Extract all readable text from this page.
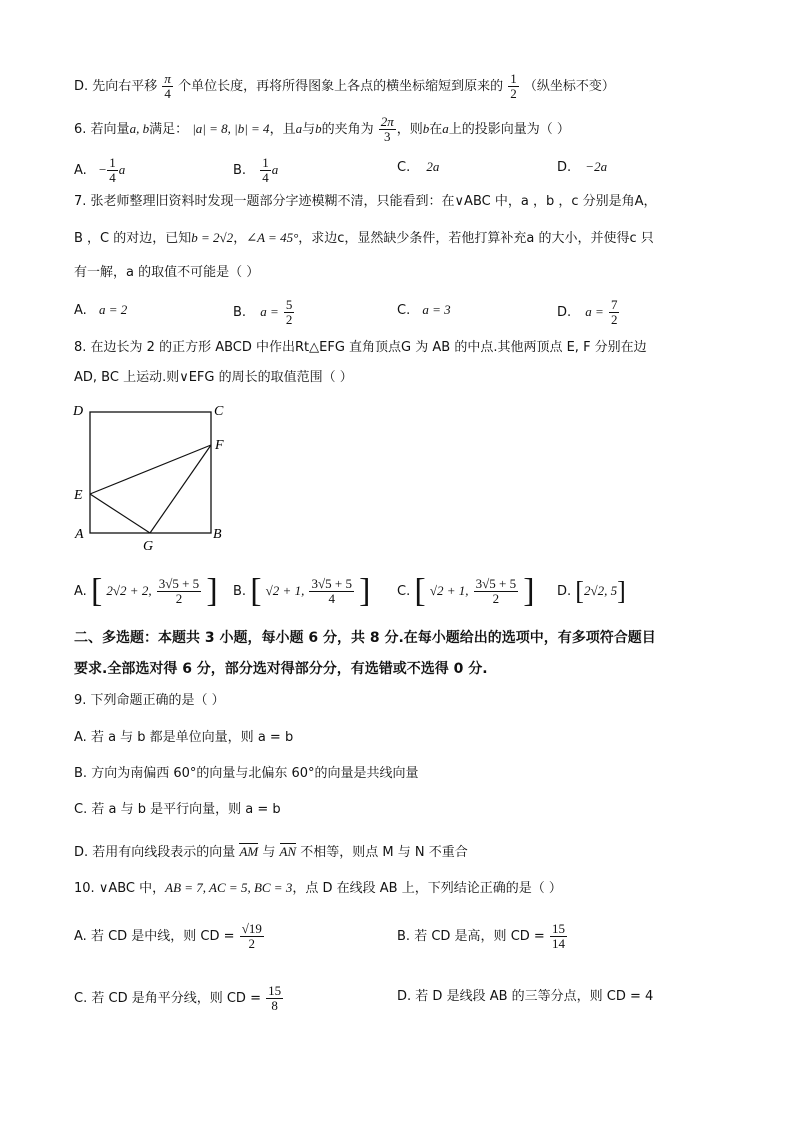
D. 先向右平移 $\frac{\pi}{4}$ 个单位长度，再将所得图象上各点的横坐标缩短到原来的 $\frac{1}{2}$ （纵坐标不变）
6. 若向量a, b满足： |a| = 8, |b| = 4，且a与b的夹角为 $\frac{2\pi}{3}$ ，则b在a上的投影向量为（ ）
A. − $\frac{1}{4}$ a	B. $\frac{1}{4}$ a	C. 2a	D. −2a
7. 张老师整理旧资料时发现一题部分字迹模糊不清，只能看到：在∨ABC 中，a ，b ，c 分别是角A，
B ，C 的对边，已知b = 2√2，∠A = 45°，求边c，显然缺少条件，若他打算补充a 的大小，并使得c 只
有一解，a 的取值不可能是（ ）
A. a = 2	B. $a = \frac{5}{2}$	C. a = 3	D. $a = \frac{7}{2}$
8. 在边长为 2 的正方形 ABCD 中作出Rt△EFG 直角顶点G 为 AB 的中点.其他两顶点 E, F 分别在边
AD, BC 上运动.则∨EFG 的周长的取值范围（ ）
D	C
F
E
A	B
G
A. [ 2√2 + 2, $\frac{3√5 + 5}{2}$ ] B. [ √2 + 1, $\frac{3√5 + 5}{4}$ ] C. [ √2 + 1, $\frac{3√5 + 5}{2}$ ] D. [2√2, 5]
二、多选题：本题共 3 小题，每小题 6 分，共 8 分.在每小题给出的选项中，有多项符合题目
要求.全部选对得 6 分，部分选对得部分分，有选错或不选得 0 分.
9. 下列命题正确的是（ ）
A. 若 a 与 b 都是单位向量，则 a = b
B. 方向为南偏西 60°的向量与北偏东 60°的向量是共线向量
C. 若 a 与 b 是平行向量，则 a = b
D. 若用有向线段表示的向量 AM 与 AN 不相等，则点 M 与 N 不重合
10. ∨ABC 中，AB = 7, AC = 5, BC = 3，点 D 在线段 AB 上，下列结论正确的是（ ）
A. 若 CD 是中线，则 CD = $\frac{√19}{2}$	B. 若 CD 是高，则 CD = $\frac{15}{14}$
C. 若 CD 是角平分线，则 CD = $\frac{15}{8}$	D. 若 D 是线段 AB 的三等分点，则 CD = 4
